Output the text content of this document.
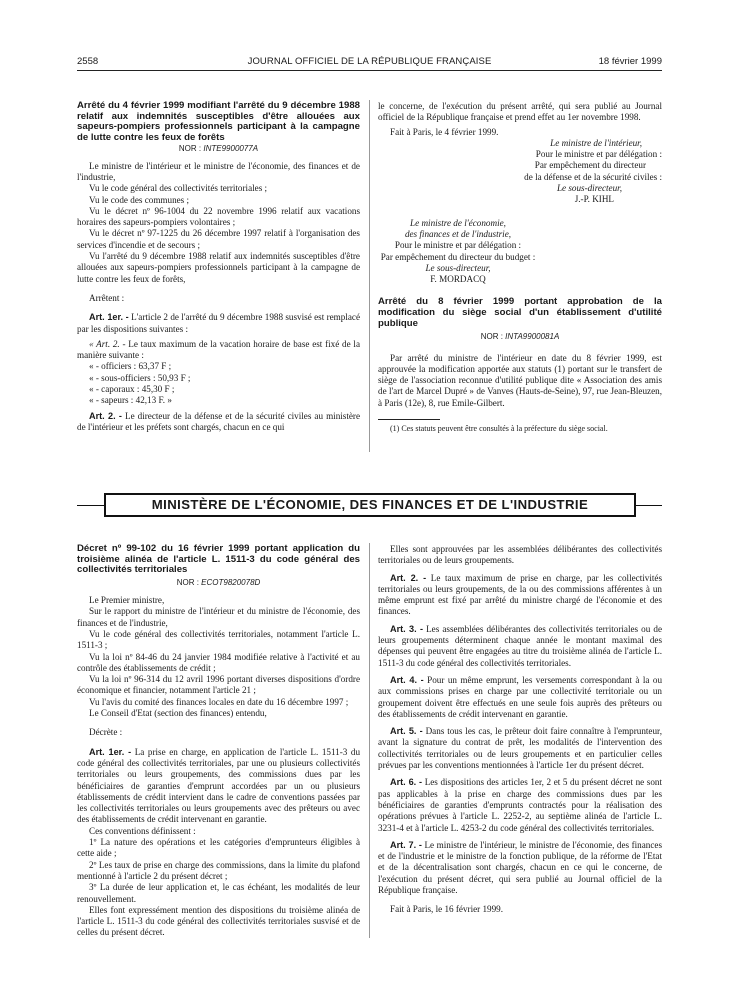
2558	JOURNAL OFFICIEL DE LA RÉPUBLIQUE FRANÇAISE	18 février 1999

Arrêté du 4 février 1999 modifiant l'arrêté du 9 décembre 1988 relatif aux indemnités susceptibles d'être allouées aux sapeurs-pompiers professionnels participant à la campagne de lutte contre les feux de forêts

NOR : INTE9900077A

Le ministre de l'intérieur et le ministre de l'économie, des finances et de l'industrie,

Vu le code général des collectivités territoriales ;

Vu le code des communes ;

Vu le décret nº 96-1004 du 22 novembre 1996 relatif aux vacations horaires des sapeurs-pompiers volontaires ;

Vu le décret nº 97-1225 du 26 décembre 1997 relatif à l'organisation des services d'incendie et de secours ;

Vu l'arrêté du 9 décembre 1988 relatif aux indemnités susceptibles d'être allouées aux sapeurs-pompiers professionnels participant à la campagne de lutte contre les feux de forêts,

Arrêtent :

Art. 1er. - L'article 2 de l'arrêté du 9 décembre 1988 susvisé est remplacé par les dispositions suivantes :

« Art. 2. - Le taux maximum de la vacation horaire de base est fixé de la manière suivante :

« - officiers : 63,37 F ;

« - sous-officiers : 50,93 F ;

« - caporaux : 45,30 F ;

« - sapeurs : 42,13 F. »

Art. 2. - Le directeur de la défense et de la sécurité civiles au ministère de l'intérieur et les préfets sont chargés, chacun en ce qui

le concerne, de l'exécution du présent arrêté, qui sera publié au Journal officiel de la République française et prend effet au 1er novembre 1998.

Fait à Paris, le 4 février 1999.

Le ministre de l'intérieur,

Pour le ministre et par délégation :

Par empêchement du directeur

de la défense et de la sécurité civiles :

Le sous-directeur,

J.-P. KIHL

Le ministre de l'économie,

des finances et de l'industrie,

Pour le ministre et par délégation :

Par empêchement du directeur du budget :

Le sous-directeur,

F. MORDACQ

Arrêté du 8 février 1999 portant approbation de la modification du siège social d'un établissement d'utilité publique

NOR : INTA9900081A

Par arrêté du ministre de l'intérieur en date du 8 février 1999, est approuvée la modification apportée aux statuts (1) portant sur le transfert de siège de l'association reconnue d'utilité publique dite « Association des amis de l'art de Marcel Dupré » de Vanves (Hauts-de-Seine), 97, rue Jean-Bleuzen, à Paris (12e), 8, rue Emile-Gilbert.

(1) Ces statuts peuvent être consultés à la préfecture du siège social.

MINISTÈRE DE L'ÉCONOMIE, DES FINANCES ET DE L'INDUSTRIE

Décret nº 99-102 du 16 février 1999 portant application du troisième alinéa de l'article L. 1511-3 du code général des collectivités territoriales

NOR : ECOT9820078D

Le Premier ministre,

Sur le rapport du ministre de l'intérieur et du ministre de l'économie, des finances et de l'industrie,

Vu le code général des collectivités territoriales, notamment l'article L. 1511-3 ;

Vu la loi nº 84-46 du 24 janvier 1984 modifiée relative à l'activité et au contrôle des établissements de crédit ;

Vu la loi nº 96-314 du 12 avril 1996 portant diverses dispositions d'ordre économique et financier, notamment l'article 21 ;

Vu l'avis du comité des finances locales en date du 16 décembre 1997 ;

Le Conseil d'Etat (section des finances) entendu,

Décrète :

Art. 1er. - La prise en charge, en application de l'article L. 1511-3 du code général des collectivités territoriales, par une ou plusieurs collectivités territoriales ou leurs groupements, des commissions dues par les bénéficiaires de garanties d'emprunt accordées par un ou plusieurs établissements de crédit intervient dans le cadre de conventions passées par les collectivités territoriales ou leurs groupements avec des prêteurs ou avec des établissements de crédit intervenant en garantie.

Ces conventions définissent :

1º La nature des opérations et les catégories d'emprunteurs éligibles à cette aide ;

2º Les taux de prise en charge des commissions, dans la limite du plafond mentionné à l'article 2 du présent décret ;

3º La durée de leur application et, le cas échéant, les modalités de leur renouvellement.

Elles font expressément mention des dispositions du troisième alinéa de l'article L. 1511-3 du code général des collectivités territoriales susvisé et de celles du présent décret.

Elles sont approuvées par les assemblées délibérantes des collectivités territoriales ou de leurs groupements.

Art. 2. - Le taux maximum de prise en charge, par les collectivités territoriales ou leurs groupements, de la ou des commissions afférentes à un même emprunt est fixé par arrêté du ministre chargé de l'économie et des finances.

Art. 3. - Les assemblées délibérantes des collectivités territoriales ou de leurs groupements déterminent chaque année le montant maximal des dépenses qui peuvent être engagées au titre du troisième alinéa de l'article L. 1511-3 du code général des collectivités territoriales.

Art. 4. - Pour un même emprunt, les versements correspondant à la ou aux commissions prises en charge par une collectivité territoriale ou un groupement doivent être effectués en une seule fois auprès des prêteurs ou des établissements de crédit intervenant en garantie.

Art. 5. - Dans tous les cas, le prêteur doit faire connaître à l'emprunteur, avant la signature du contrat de prêt, les modalités de l'intervention des collectivités territoriales ou de leurs groupements et en particulier celles prévues par les conventions mentionnées à l'article 1er du présent décret.

Art. 6. - Les dispositions des articles 1er, 2 et 5 du présent décret ne sont pas applicables à la prise en charge des commissions dues par les bénéficiaires de garanties d'emprunts contractés pour la réalisation des opérations prévues à l'article L. 2252-2, au septième alinéa de l'article L. 3231-4 et à l'article L. 4253-2 du code général des collectivités territoriales.

Art. 7. - Le ministre de l'intérieur, le ministre de l'économie, des finances et de l'industrie et le ministre de la fonction publique, de la réforme de l'Etat et de la décentralisation sont chargés, chacun en ce qui le concerne, de l'exécution du présent décret, qui sera publié au Journal officiel de la République française.

Fait à Paris, le 16 février 1999.
